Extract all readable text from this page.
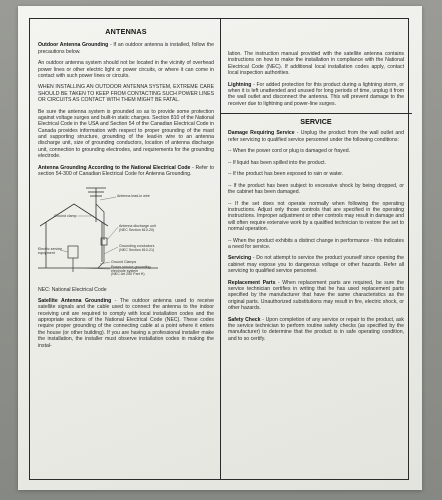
ANTENNAS

Outdoor Antenna Grounding - If an outdoor antenna is installed, follow the precautions below.

An outdoor antenna system should not be located in the vicinity of overhead power lines or other electric light or power circuits, or where it can come in contact with such power lines or circuits.

WHEN INSTALLING AN OUTDOOR ANTENNA SYSTEM, EXTREME CARE SHOULD BE TAKEN TO KEEP FROM CONTACTING SUCH POWER LINES OR CIRCUITS AS CONTACT WITH THEM MIGHT BE FATAL.

Be sure the antenna system is grounded so as to provide some protection against voltage surges and built-in static charges. Section 810 of the National Electrical Code in the USA and Section 54 of the Canadian Electrical Code in Canada provides information with respect to proper grounding of the mast and supporting structure, grounding of the lead-in wire to an antenna discharge unit, size of grounding conductors, location of antenna discharge unit, connection to grounding electrodes, and requirements for the grounding electrode.

Antenna Grounding According to the National Electrical Code - Refer to section 54-300 of Canadian Electrical Code for Antenna Grounding.

Antenna lead-in wire
Ground clamp
Antenna discharge unit
(NEC Section 810-20)
Electric service
equipment
Grounding conductors
(NEC Section 810-21)
Ground Clamps
Power service grounding
electrode system
(NEC Art 250 Part H)

NEC: National Electrical Code

Satellite Antenna Grounding - The outdoor antenna used to receive satellite signals and the cable used to connect the antenna to the indoor receiving unit are required to comply with local installation codes and the appropriate sections of the National Electrical Code (NEC). These codes require proper grounding of the connecting cable at a point where it enters the house (or other building). If you are having a professional installer make the installation, the installer must observe installation codes in making the instal-

lation. The instruction manual provided with the satellite antenna contains instructions on how to make the installation in compliance with the National Electrical Code (NEC). If additional local installation codes apply, contact local inspection authorities.

Lightning - For added protection for this product during a lightning storm, or when it is left unattended and unused for long periods of time, unplug it from the wall outlet and disconnect the antenna. This will prevent damage to the receiver due to lightning and power-line surges.

SERVICE

Damage Requiring Service - Unplug the product from the wall outlet and refer servicing to qualified service personnel under the following conditions:

-- When the power cord or plug is damaged or frayed.

-- If liquid has been spilled into the product.

-- If the product has been exposed to rain or water.

-- If the product has been subject to excessive shock by being dropped, or the cabinet has been damaged.

-- If the set does not operate normally when following the operating instructions. Adjust only those controls that are specified in the operating instructions. Improper adjustment or other controls may result in damage and will often require extensive work by a qualified technician to restore the set to normal operation.

-- When the product exhibits a distinct change in performance - this indicates a need for service.

Servicing - Do not attempt to service the product yourself since opening the cabinet may expose you to dangerous voltage or other hazards. Refer all servicing to qualified service personnel.

Replacement Parts - When replacement parts are required, be sure the service technician certifies in writing that he has used replacement parts specified by the manufacturer that have the same characteristics as the original parts. Unauthorized substitutions may result in fire, electric shock, or other hazards.

Safety Check - Upon completion of any service or repair to the product, ask the service technician to perform routine safety checks (as specified by the manufacturer) to determine that the product is in safe operating condition, and to so certify.
